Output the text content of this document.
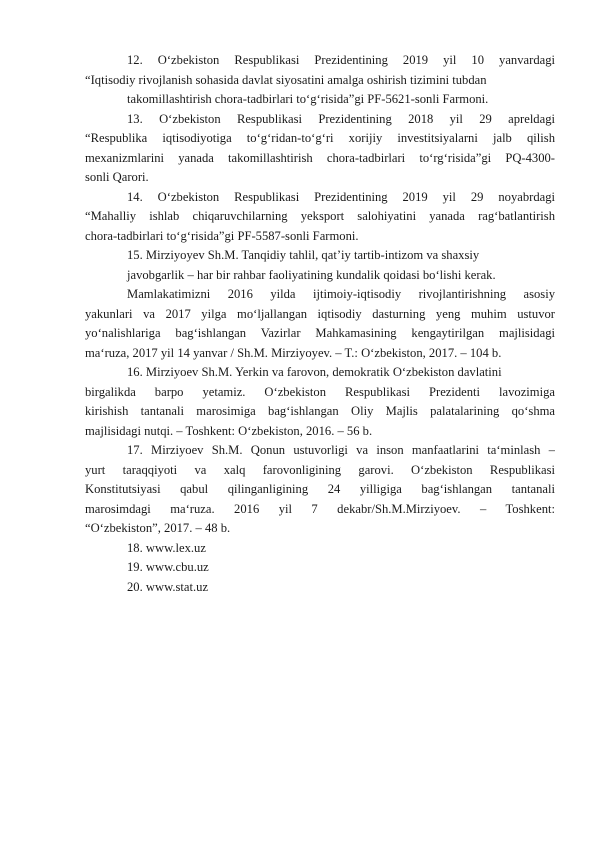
12. O‘zbekiston Respublikasi Prezidentining 2019 yil 10 yanvardagi
“Iqtisodiy rivojlanish sohasida davlat siyosatini amalga oshirish tizimini tubdan
takomillashtirish chora-tadbirlari to‘g‘risida”gi PF-5621-sonli Farmoni.
13. O‘zbekiston Respublikasi Prezidentining 2018 yil 29 apreldagi
“Respublika iqtisodiyotiga to‘g‘ridan-to‘g‘ri xorijiy investitsiyalarni jalb qilish
mexanizmlarini yanada takomillashtirish chora-tadbirlari to‘rg‘risida”gi PQ-4300-
sonli Qarori.
14. O‘zbekiston Respublikasi Prezidentining 2019 yil 29 noyabrdagi
“Mahalliy ishlab chiqaruvchilarning yeksport salohiyatini yanada rag‘batlantirish
chora-tadbirlari to‘g‘risida”gi PF-5587-sonli Farmoni.
15. Mirziyoyev Sh.M. Tanqidiy tahlil, qat’iy tartib-intizom va shaxsiy
javobgarlik – har bir rahbar faoliyatining kundalik qoidasi bo‘lishi kerak.
Mamlakatimizni 2016 yilda ijtimoiy-iqtisodiy rivojlantirishning asosiy
yakunlari va 2017 yilga mo‘ljallangan iqtisodiy dasturning yeng muhim ustuvor
yo‘nalishlariga bag‘ishlangan Vazirlar Mahkamasining kengaytirilgan majlisidagi
ma‘ruza, 2017 yil 14 yanvar / Sh.M. Mirziyoyev. – T.: O‘zbekiston, 2017. – 104 b.
16. Mirziyoev Sh.M. Yerkin va farovon, demokratik O‘zbekiston davlatini
birgalikda barpo yetamiz. O‘zbekiston Respublikasi Prezidenti lavozimiga
kirishish tantanali marosimiga bag‘ishlangan Oliy Majlis palatalarining qo‘shma
majlisidagi nutqi. – Toshkent: O‘zbekiston, 2016. – 56 b.
17. Mirziyoev Sh.M. Qonun ustuvorligi va inson manfaatlarini ta‘minlash –
yurt taraqqiyoti va xalq farovonligining garovi. O‘zbekiston Respublikasi
Konstitutsiyasi qabul qilinganligining 24 yilligiga bag‘ishlangan tantanali
marosimdagi ma‘ruza. 2016 yil 7 dekabr/Sh.M.Mirziyoev. – Toshkent:
“O‘zbekiston”, 2017. – 48 b.
18. www.lex.uz
19. www.cbu.uz
20. www.stat.uz
